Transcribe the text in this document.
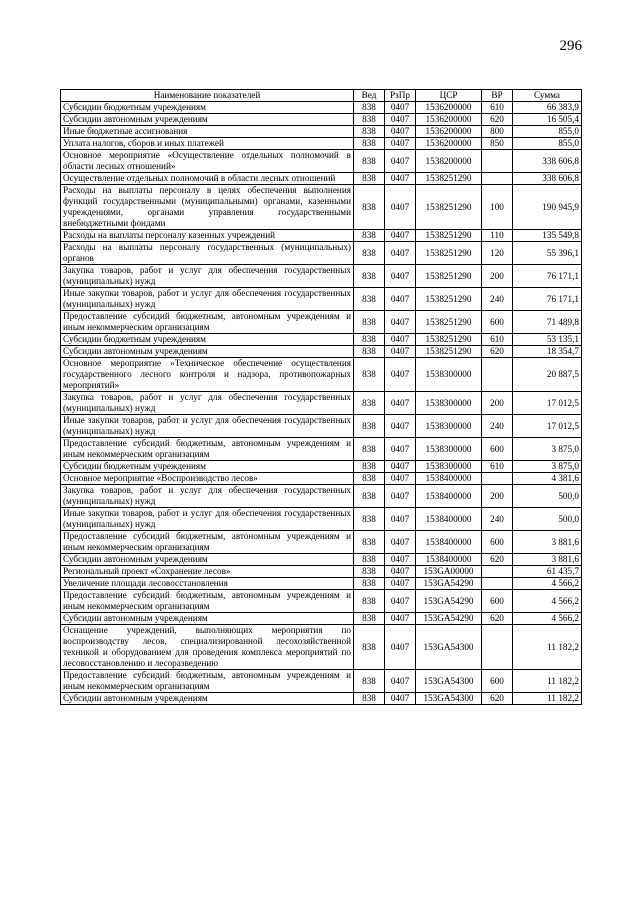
296
Наименование показателей	Вед	РзПр	ЦСР	ВР	Сумма
Субсидии бюджетным учреждениям	838	0407	1536200000	610	66 383,9
Субсидии автономным учреждениям	838	0407	1536200000	620	16 505,4
Иные бюджетные ассигнования	838	0407	1536200000	800	855,0
Уплата налогов, сборов и иных платежей	838	0407	1536200000	850	855,0
Основное мероприятие «Осуществление отдельных полномочий в области лесных отношений»	838	0407	1538200000		338 606,8
Осуществление отдельных полномочий в области лесных отношений	838	0407	1538251290		338 606,8
Расходы на выплаты персоналу в целях обеспечения выполнения функций государственными (муниципальными) органами, казенными учреждениями, органами управления государственными внебюджетными фондами	838	0407	1538251290	100	190 945,9
Расходы на выплаты персоналу казенных учреждений	838	0407	1538251290	110	135 549,8
Расходы на выплаты персоналу государственных (муниципальных) органов	838	0407	1538251290	120	55 396,1
Закупка товаров, работ и услуг для обеспечения государственных (муниципальных) нужд	838	0407	1538251290	200	76 171,1
Иные закупки товаров, работ и услуг для обеспечения государственных (муниципальных) нужд	838	0407	1538251290	240	76 171,1
Предоставление субсидий бюджетным, автономным учреждениям и иным некоммерческим организациям	838	0407	1538251290	600	71 489,8
Субсидии бюджетным учреждениям	838	0407	1538251290	610	53 135,1
Субсидии автономным учреждениям	838	0407	1538251290	620	18 354,7
Основное мероприятие «Техническое обеспечение осуществления государственного лесного контроля и надзора, противопожарных мероприятий»	838	0407	1538300000		20 887,5
Закупка товаров, работ и услуг для обеспечения государственных (муниципальных) нужд	838	0407	1538300000	200	17 012,5
Иные закупки товаров, работ и услуг для обеспечения государственных (муниципальных) нужд	838	0407	1538300000	240	17 012,5
Предоставление субсидий бюджетным, автономным учреждениям и иным некоммерческим организациям	838	0407	1538300000	600	3 875,0
Субсидии бюджетным учреждениям	838	0407	1538300000	610	3 875,0
Основное мероприятие «Воспроизводство лесов»	838	0407	1538400000		4 381,6
Закупка товаров, работ и услуг для обеспечения государственных (муниципальных) нужд	838	0407	1538400000	200	500,0
Иные закупки товаров, работ и услуг для обеспечения государственных (муниципальных) нужд	838	0407	1538400000	240	500,0
Предоставление субсидий бюджетным, автономным учреждениям и иным некоммерческим организациям	838	0407	1538400000	600	3 881,6
Субсидии автономным учреждениям	838	0407	1538400000	620	3 881,6
Региональный проект «Сохранение лесов»	838	0407	153GA00000		61 435,7
Увеличение площади лесовосстановления	838	0407	153GA54290		4 566,2
Предоставление субсидий бюджетным, автономным учреждениям и иным некоммерческим организациям	838	0407	153GA54290	600	4 566,2
Субсидии автономным учреждениям	838	0407	153GA54290	620	4 566,2
Оснащение учреждений, выполняющих мероприятия по воспроизводству лесов, специализированной лесохозяйственной техникой и оборудованием для проведения комплекса мероприятий по лесовосстановлению и лесоразведению	838	0407	153GA54300		11 182,2
Предоставление субсидий бюджетным, автономным учреждениям и иным некоммерческим организациям	838	0407	153GA54300	600	11 182,2
Субсидии автономным учреждениям	838	0407	153GA54300	620	11 182,2
